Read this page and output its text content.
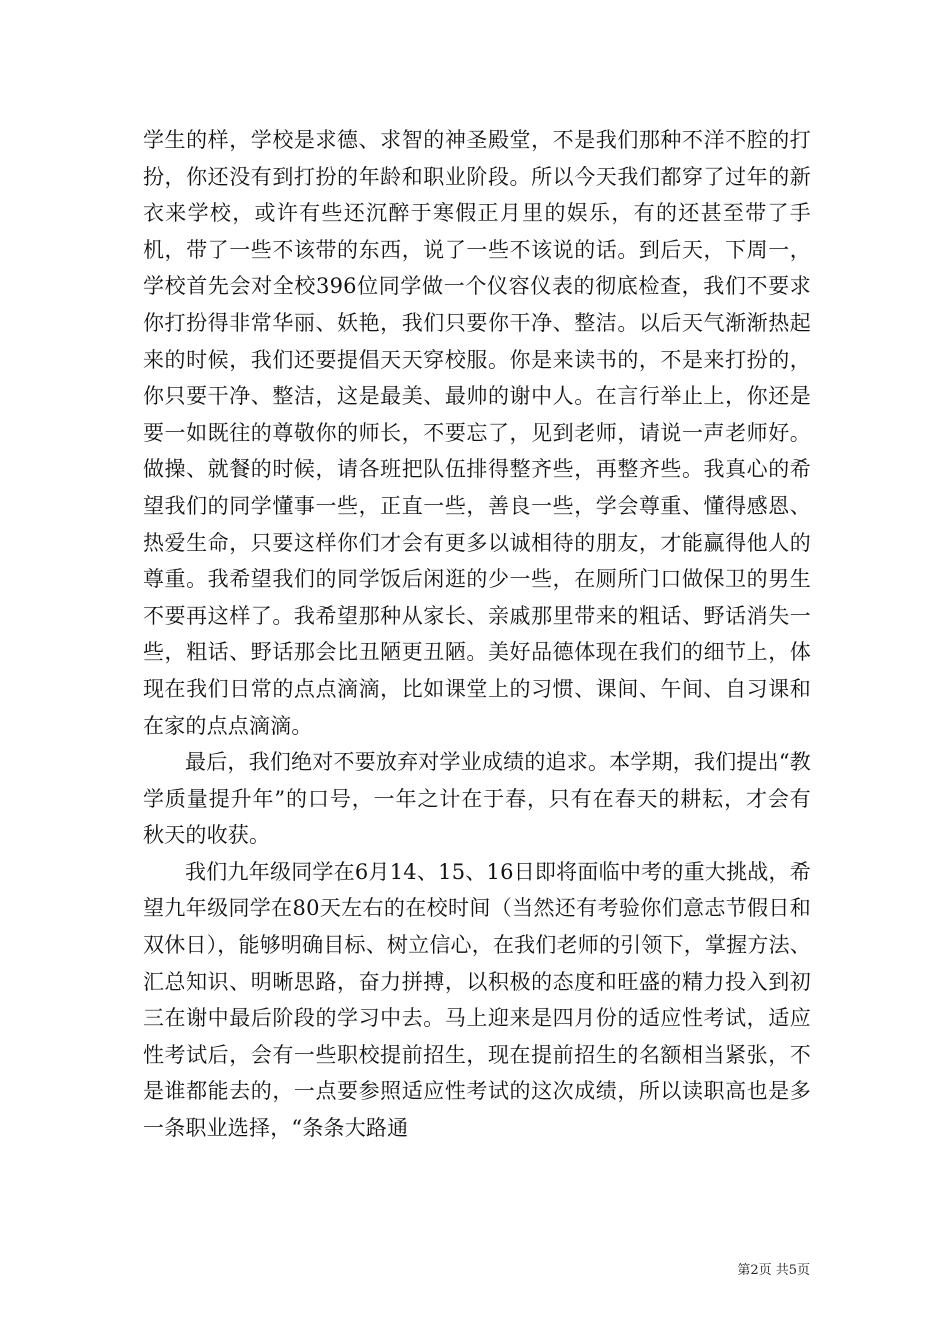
学生的样，学校是求德、求智的神圣殿堂，不是我们那种不洋不腔的打扮，你还没有到打扮的年龄和职业阶段。所以今天我们都穿了过年的新衣来学校，或许有些还沉醉于寒假正月里的娱乐，有的还甚至带了手机，带了一些不该带的东西，说了一些不该说的话。到后天，下周一，学校首先会对全校396位同学做一个仪容仪表的彻底检查，我们不要求你打扮得非常华丽、妖艳，我们只要你干净、整洁。以后天气渐渐热起来的时候，我们还要提倡天天穿校服。你是来读书的，不是来打扮的，你只要干净、整洁，这是最美、最帅的谢中人。在言行举止上，你还是要一如既往的尊敬你的师长，不要忘了，见到老师，请说一声老师好。做操、就餐的时候，请各班把队伍排得整齐些，再整齐些。我真心的希望我们的同学懂事一些，正直一些，善良一些，学会尊重、懂得感恩、热爱生命，只要这样你们才会有更多以诚相待的朋友，才能赢得他人的尊重。我希望我们的同学饭后闲逛的少一些，在厕所门口做保卫的男生不要再这样了。我希望那种从家长、亲戚那里带来的粗话、野话消失一些，粗话、野话那会比丑陋更丑陋。美好品德体现在我们的细节上，体现在我们日常的点点滴滴，比如课堂上的习惯、课间、午间、自习课和在家的点点滴滴。

最后，我们绝对不要放弃对学业成绩的追求。本学期，我们提出“教学质量提升年”的口号，一年之计在于春，只有在春天的耕耘，才会有秋天的收获。

我们九年级同学在6月14、15、16日即将面临中考的重大挑战，希望九年级同学在80天左右的在校时间（当然还有考验你们意志节假日和双休日），能够明确目标、树立信心，在我们老师的引领下，掌握方法、汇总知识、明晰思路，奋力拼搏，以积极的态度和旺盛的精力投入到初三在谢中最后阶段的学习中去。马上迎来是四月份的适应性考试，适应性考试后，会有一些职校提前招生，现在提前招生的名额相当紧张，不是谁都能去的，一点要参照适应性考试的这次成绩，所以读职高也是多一条职业选择，“条条大路通

第2页 共5页
